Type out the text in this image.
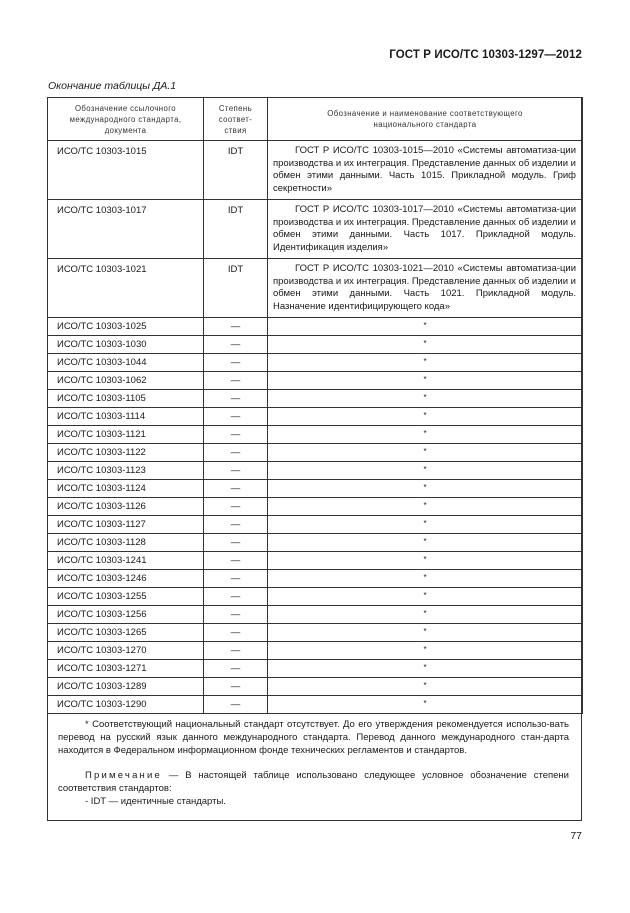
ГОСТ Р ИСО/ТС 10303-1297—2012
Окончание таблицы ДА.1
Обозначение ссылочного международного стандарта, документа	Степень соответ-ствия	Обозначение и наименование соответствующего национального стандарта
ИСО/ТС 10303-1015	IDT	ГОСТ Р ИСО/ТС 10303-1015—2010 «Системы автоматиза-ции производства и их интеграция. Представление данных об изделии и обмен этими данными. Часть 1015. Прикладной модуль. Гриф секретности»
ИСО/ТС 10303-1017	IDT	ГОСТ Р ИСО/ТС 10303-1017—2010 «Системы автоматиза-ции производства и их интеграция. Представление данных об изделии и обмен этими данными. Часть 1017. Прикладной модуль. Идентификация изделия»
ИСО/ТС 10303-1021	IDT	ГОСТ Р ИСО/ТС 10303-1021—2010 «Системы автоматиза-ции производства и их интеграция. Представление данных об изделии и обмен этими данными. Часть 1021. Прикладной модуль. Назначение идентифицирующего кода»
ИСО/ТС 10303-1025	—	*
ИСО/ТС 10303-1030	—	*
ИСО/ТС 10303-1044	—	*
ИСО/ТС 10303-1062	—	*
ИСО/ТС 10303-1105	—	*
ИСО/ТС 10303-1114	—	*
ИСО/ТС 10303-1121	—	*
ИСО/ТС 10303-1122	—	*
ИСО/ТС 10303-1123	—	*
ИСО/ТС 10303-1124	—	*
ИСО/ТС 10303-1126	—	*
ИСО/ТС 10303-1127	—	*
ИСО/ТС 10303-1128	—	*
ИСО/ТС 10303-1241	—	*
ИСО/ТС 10303-1246	—	*
ИСО/ТС 10303-1255	—	*
ИСО/ТС 10303-1256	—	*
ИСО/ТС 10303-1265	—	*
ИСО/ТС 10303-1270	—	*
ИСО/ТС 10303-1271	—	*
ИСО/ТС 10303-1289	—	*
ИСО/ТС 10303-1290	—	*

* Соответствующий национальный стандарт отсутствует. До его утверждения рекомендуется использо-вать перевод на русский язык данного международного стандарта. Перевод данного международного стан-дарта находится в Федеральном информационном фонде технических регламентов и стандартов.

Примечание — В настоящей таблице использовано следующее условное обозначение степени соответствия стандартов:

- IDT — идентичные стандарты.

77
